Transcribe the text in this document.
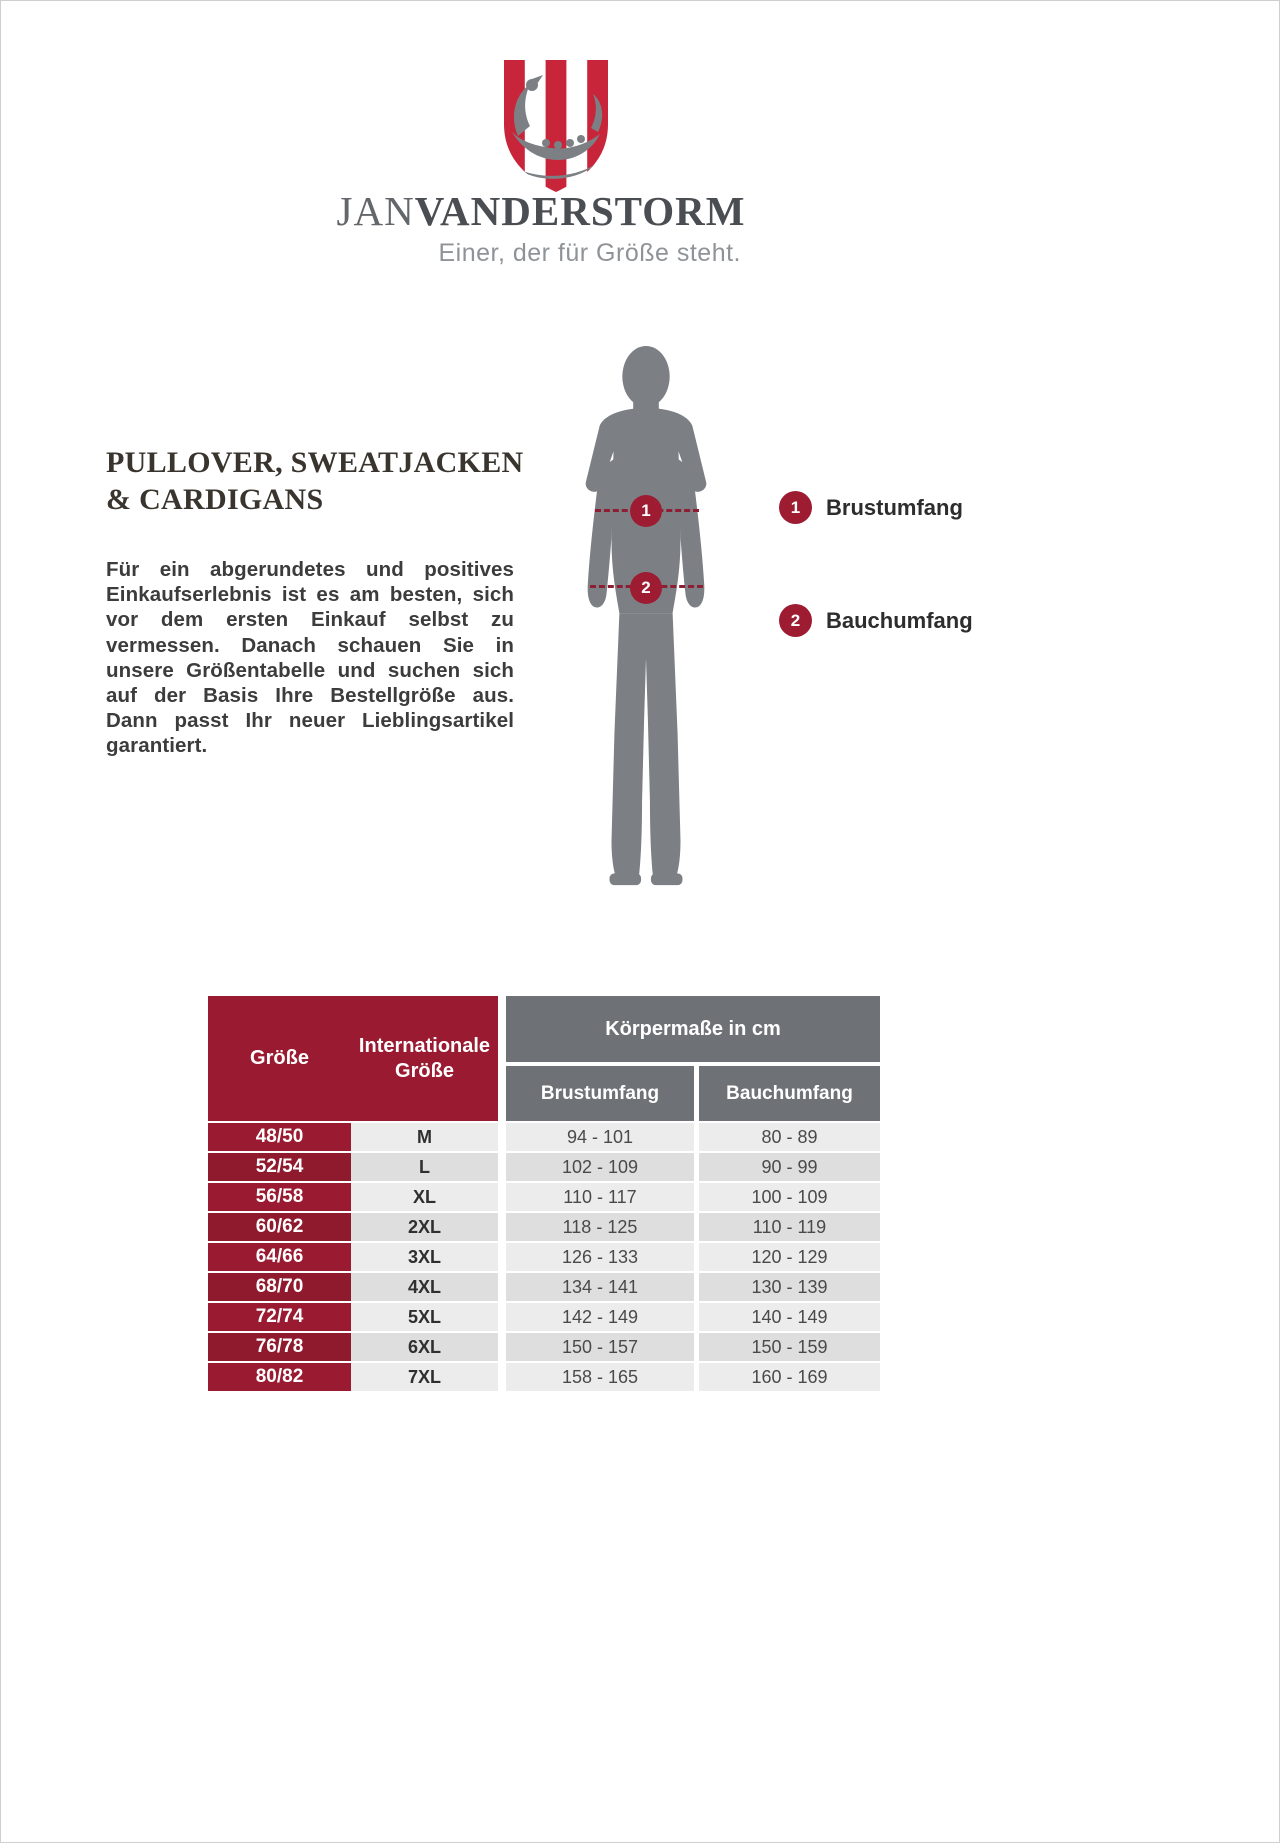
JANVANDERSTORM
Einer, der für Größe steht.
PULLOVER, SWEATJACKEN
& CARDIGANS

Für ein abgerundetes und positives Einkaufserlebnis ist es am besten, sich vor dem ersten Einkauf selbst zu vermessen. Danach schauen Sie in unsere Größentabelle und suchen sich auf der Basis Ihre Bestellgröße aus. Dann passt Ihr neuer Lieblingsartikel garantiert.

1
2
1	Brustumfang
2	Bauchumfang
Größe
Internationale Größe
Körpermaße in cm
Brustumfang	Bauchumfang
48/50	M	94 - 101	80 - 89
52/54	L	102 - 109	90 - 99
56/58	XL	110 - 117	100 - 109
60/62	2XL	118 - 125	110 - 119
64/66	3XL	126 - 133	120 - 129
68/70	4XL	134 - 141	130 - 139
72/74	5XL	142 - 149	140 - 149
76/78	6XL	150 - 157	150 - 159
80/82	7XL	158 - 165	160 - 169
